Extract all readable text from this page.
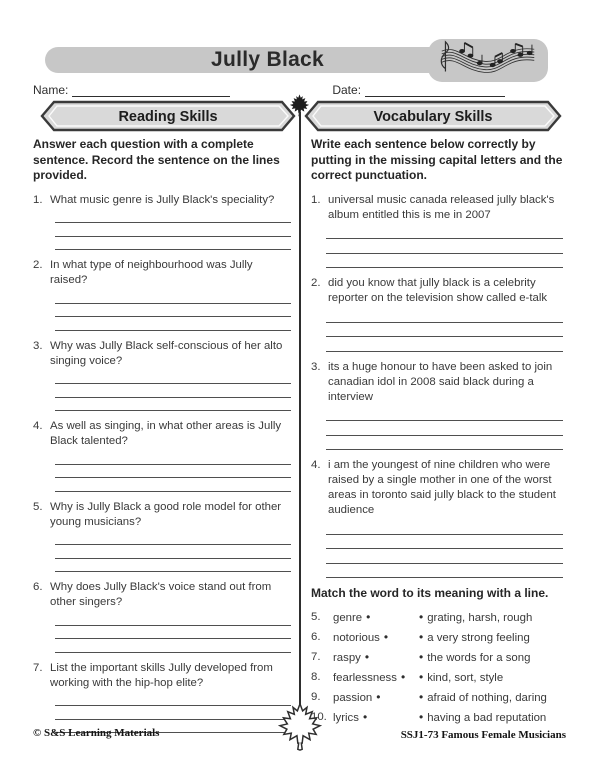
Jully Black
Name:	Date:
Reading Skills	Vocabulary Skills
Answer each question with a complete sentence. Record the sentence on the lines provided.
1. What music genre is Jully Black's speciality?
2. In what type of neighbourhood was Jully raised?
3. Why was Jully Black self-conscious of her alto singing voice?
4. As well as singing, in what other areas is Jully Black talented?
5. Why is Jully Black a good role model for other young musicians?
6. Why does Jully Black's voice stand out from other singers?
7. List the important skills Jully developed from working with the hip-hop elite?
Write each sentence below correctly by putting in the missing capital letters and the correct punctuation.
1. universal music canada released jully black's album entitled this is me in 2007
2. did you know that jully black is a celebrity reporter on the television show called e-talk
3. its a huge honour to have been asked to join canadian idol in 2008 said black during a interview
4. i am the youngest of nine children who were raised by a single mother in one of the worst areas in toronto said jully black to the student audience
Match the word to its meaning with a line.
5.	genre •	• grating, harsh, rough
6.	notorious •	• a very strong feeling
7.	raspy •	• the words for a song
8.	fearlessness •	• kind, sort, style
9.	passion •	• afraid of nothing, daring
10. lyrics •	• having a bad reputation
© S&S Learning Materials	SSJ1-73 Famous Female Musicians
